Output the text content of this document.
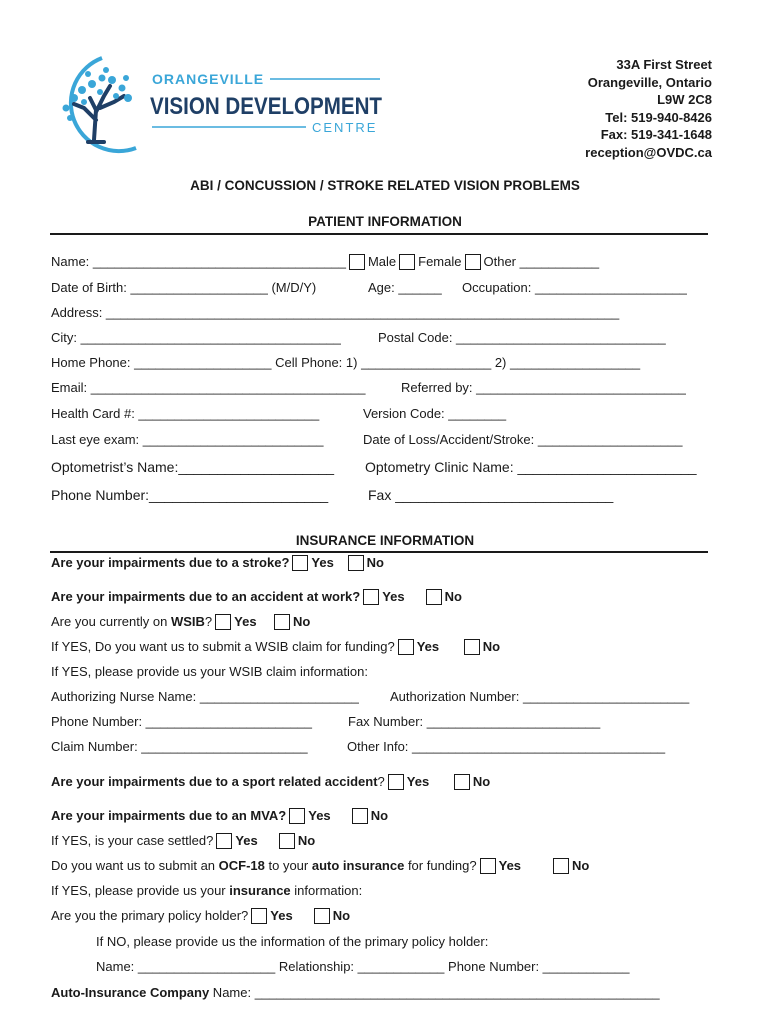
ORANGEVILLE
VISION DEVELOPMENT
CENTRE
33A First Street
Orangeville, Ontario
L9W 2C8
Tel: 519-940-8426
Fax: 519-341-1648
reception@OVDC.ca
ABI / CONCUSSION / STROKE RELATED VISION PROBLEMS
PATIENT INFORMATION
Name: ___________________________________ Male Female Other ___________
Date of Birth: ___________________ (M/D/Y)	Age: ______ Occupation: _____________________
Address: _______________________________________________________________________
City: ____________________________________	Postal Code: _____________________________
Home Phone: ___________________ Cell Phone: 1) __________________ 2) __________________
Email: ______________________________________	Referred by: _____________________________
Health Card #: _________________________	Version Code: ________
Last eye exam: _________________________	Date of Loss/Accident/Stroke: ____________________
Optometrist’s Name:____________________ Optometry Clinic Name: _______________________
Phone Number:_______________________	Fax ____________________________
INSURANCE INFORMATION
Are your impairments due to a stroke? Yes	No
Are your impairments due to an accident at work? Yes	No
Are you currently on WSIB? Yes	No
If YES, Do you want us to submit a WSIB claim for funding? Yes	No
If YES, please provide us your WSIB claim information:
Authorizing Nurse Name: ______________________ Authorization Number: _______________________
Phone Number: _______________________	Fax Number: ________________________
Claim Number: _______________________	Other Info: ___________________________________
Are your impairments due to a sport related accident? Yes	No
Are your impairments due to an MVA? Yes	No
If YES, is your case settled? Yes	No
Do you want us to submit an OCF-18 to your auto insurance for funding? Yes	No
If YES, please provide us your insurance information:
Are you the primary policy holder? Yes	No
If NO, please provide us the information of the primary policy holder:
Name: ___________________ Relationship: ____________ Phone Number: ____________
Auto-Insurance Company Name: ________________________________________________________
